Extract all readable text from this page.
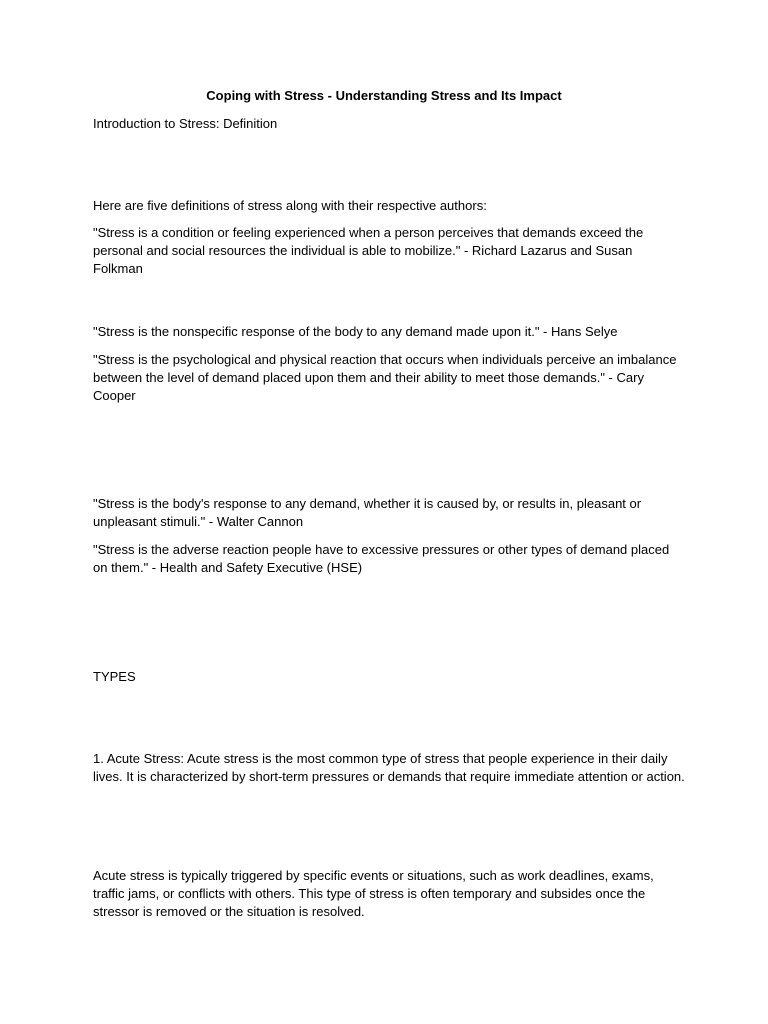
Coping with Stress - Understanding Stress and Its Impact

Introduction to Stress: Definition

Here are five definitions of stress along with their respective authors:

"Stress is a condition or feeling experienced when a person perceives that demands exceed the personal and social resources the individual is able to mobilize." - Richard Lazarus and Susan Folkman

"Stress is the nonspecific response of the body to any demand made upon it." - Hans Selye

"Stress is the psychological and physical reaction that occurs when individuals perceive an imbalance between the level of demand placed upon them and their ability to meet those demands." - Cary Cooper

"Stress is the body's response to any demand, whether it is caused by, or results in, pleasant or unpleasant stimuli." - Walter Cannon

"Stress is the adverse reaction people have to excessive pressures or other types of demand placed on them." - Health and Safety Executive (HSE)

TYPES

1. Acute Stress: Acute stress is the most common type of stress that people experience in their daily lives. It is characterized by short-term pressures or demands that require immediate attention or action.

Acute stress is typically triggered by specific events or situations, such as work deadlines, exams, traffic jams, or conflicts with others. This type of stress is often temporary and subsides once the stressor is removed or the situation is resolved.
